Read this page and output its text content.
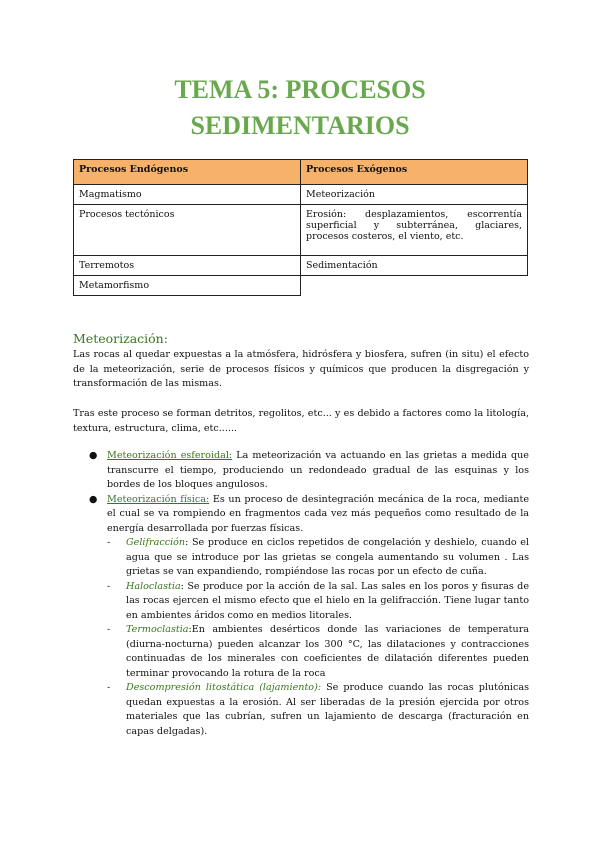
TEMA 5: PROCESOS
SEDIMENTARIOS
Procesos Endógenos	Procesos Exógenos
Magmatismo	Meteorización
Procesos tectónicos	Erosión: desplazamientos, escorrentía superficial y subterránea, glaciares, procesos costeros, el viento, etc.
Terremotos	Sedimentación
Metamorfismo	
Meteorización:
Las rocas al quedar expuestas a la atmósfera, hidrósfera y biosfera, sufren (in situ) el efecto de la meteorización, serie de procesos físicos y químicos que producen la disgregación y transformación de las mismas.
Tras este proceso se forman detritos, regolitos, etc... y es debido a factores como la litología, textura, estructura, clima, etc......
● Meteorización esferoidal: La meteorización va actuando en las grietas a medida que transcurre el tiempo, produciendo un redondeado gradual de las esquinas y los bordes de los bloques angulosos.
● Meteorización física: Es un proceso de desintegración mecánica de la roca, mediante el cual se va rompiendo en fragmentos cada vez más pequeños como resultado de la energía desarrollada por fuerzas físicas.
- Gelifracción: Se produce en ciclos repetidos de congelación y deshielo, cuando el agua que se introduce por las grietas se congela aumentando su volumen . Las grietas se van expandiendo, rompiéndose las rocas por un efecto de cuña.
- Haloclastia: Se produce por la acción de la sal. Las sales en los poros y fisuras de las rocas ejercen el mismo efecto que el hielo en la gelifracción. Tiene lugar tanto en ambientes áridos como en medios litorales.
- Termoclastia:En ambientes desérticos donde las variaciones de temperatura (diurna-nocturna) pueden alcanzar los 300 °C, las dilataciones y contracciones continuadas de los minerales con coeficientes de dilatación diferentes pueden terminar provocando la rotura de la roca
- Descompresión litostática (lajamiento): Se produce cuando las rocas plutónicas quedan expuestas a la erosión. Al ser liberadas de la presión ejercida por otros materiales que las cubrían, sufren un lajamiento de descarga (fracturación en capas delgadas).
